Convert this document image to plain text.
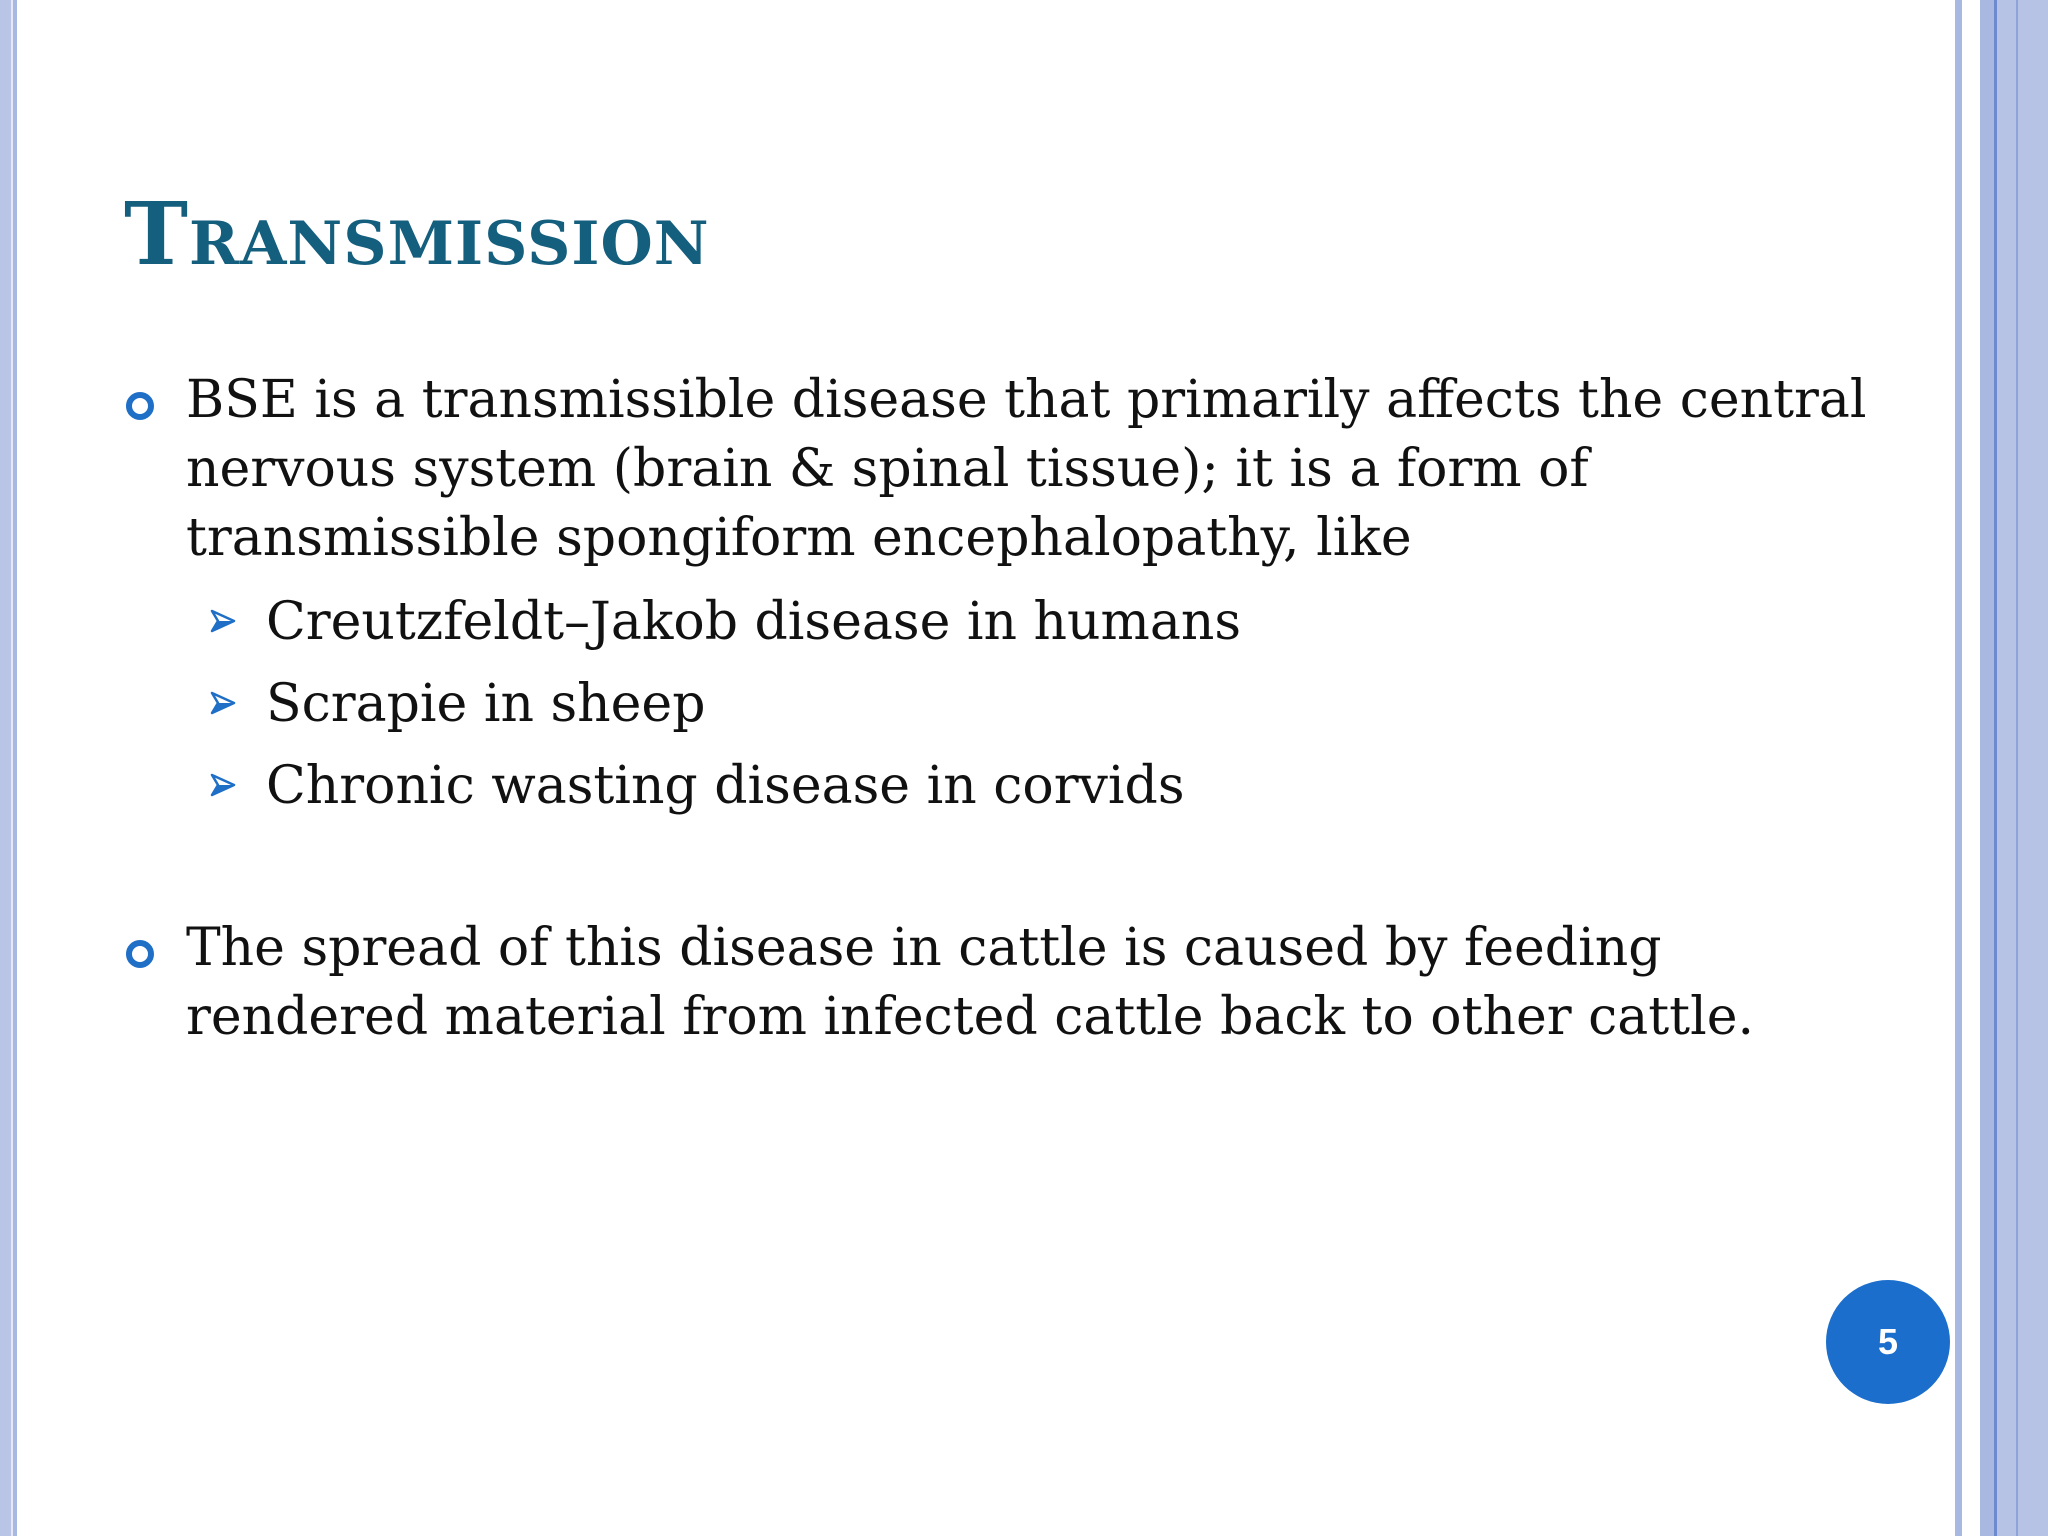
Transmission
BSE is a transmissible disease that primarily affects the central nervous system (brain & spinal tissue); it is a form of transmissible spongiform encephalopathy, like
Creutzfeldt–Jakob disease in humans
Scrapie in sheep
Chronic wasting disease in corvids
The spread of this disease in cattle is caused by feeding rendered material from infected cattle back to other cattle.
5
